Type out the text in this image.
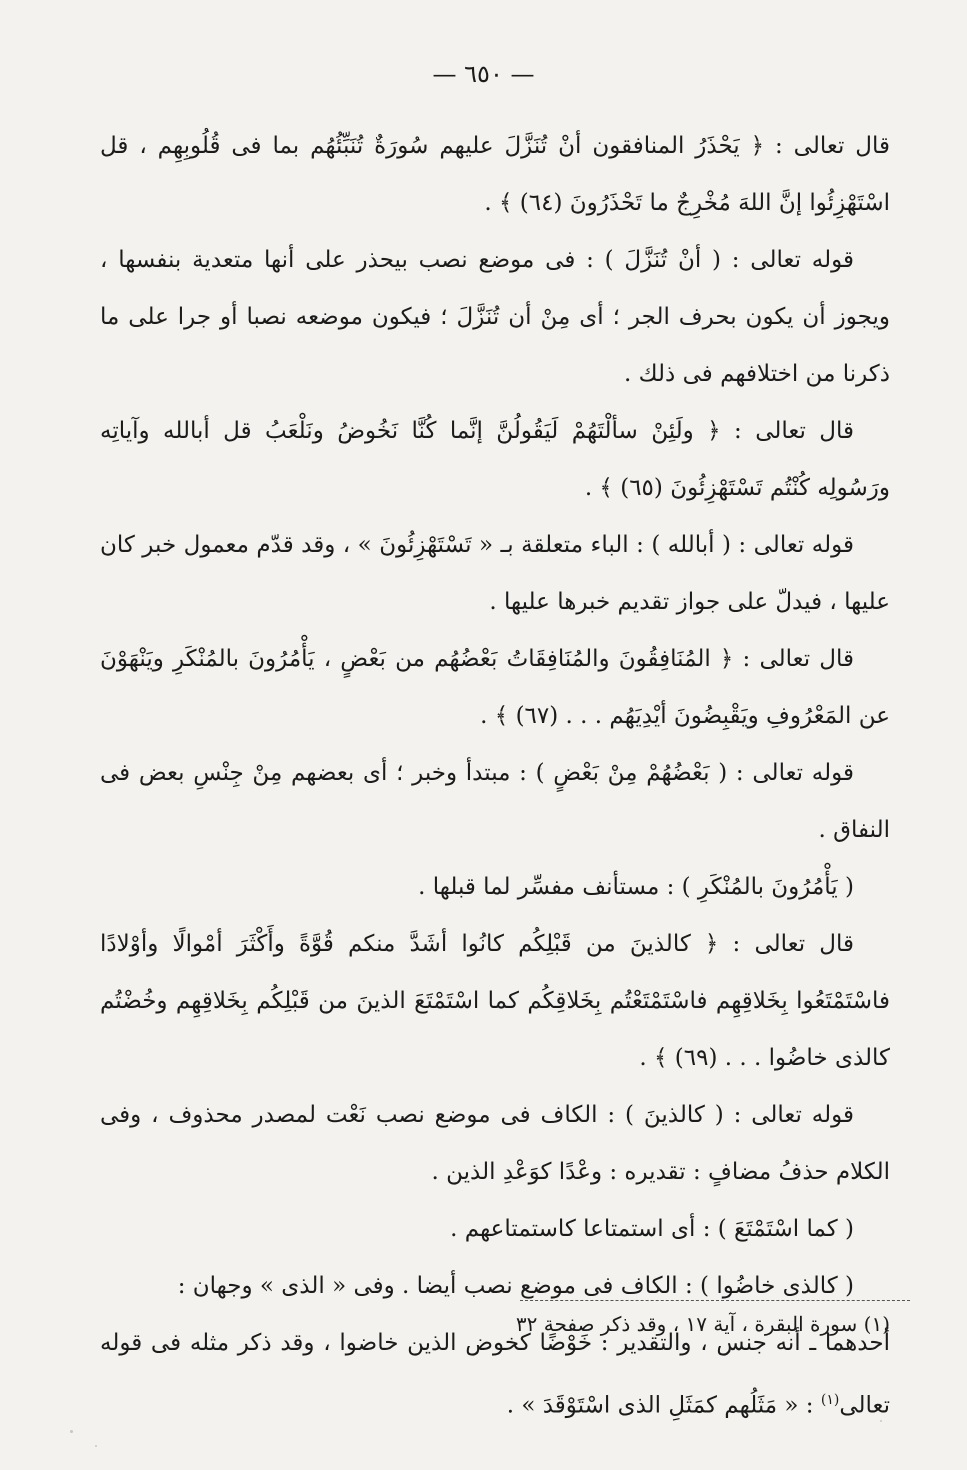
— ٦٥٠ —

قال تعالى : ﴿ يَحْذَرُ المنافقون أنْ تُنَزَّلَ عليهم سُورَةٌ تُنَبِّئُهُم بما فى قُلُوبِهِم ، قل اسْتَهْزِئُوا إنَّ اللهَ مُخْرِجٌ ما تَحْذَرُونَ (٦٤) ﴾ .

قوله تعالى : ( أنْ تُنَزَّلَ ) : فى موضع نصب بيحذر على أنها متعدية بنفسها ، ويجوز أن يكون بحرف الجر ؛ أى مِنْ أن تُنَزَّلَ ؛ فيكون موضعه نصبا أو جرا على ما ذكرنا من اختلافهم فى ذلك .

قال تعالى : ﴿ ولَئِنْ سألْتَهُمْ لَيَقُولُنَّ إنَّما كُنَّا نَخُوضُ ونَلْعَبُ قل أبالله وآياتِه ورَسُولِه كُنْتُم تَسْتَهْزِئُونَ (٦٥) ﴾ .

قوله تعالى : ( أبالله ) : الباء متعلقة بـ « تَسْتَهْزِئُونَ » ، وقد قدّم معمول خبر كان عليها ، فيدلّ على جواز تقديم خبرها عليها .

قال تعالى : ﴿ المُنَافِقُونَ والمُنَافِقَاتُ بَعْضُهُم من بَعْضٍ ، يَأْمُرُونَ بالمُنْكَرِ ويَنْهَوْنَ عن المَعْرُوفِ ويَقْبِضُونَ أيْدِيَهُم . . . (٦٧) ﴾ .

قوله تعالى : ( بَعْضُهُمْ مِنْ بَعْضٍ ) : مبتدأ وخبر ؛ أى بعضهم مِنْ جِنْسِ بعض فى النفاق .

( يَأْمُرُونَ بالمُنْكَرِ ) : مستأنف مفسِّر لما قبلها .

قال تعالى : ﴿ كالذينَ من قَبْلِكُم كانُوا أشَدَّ منكم قُوَّةً وأَكْثَرَ أمْوالًا وأوْلادًا فاسْتَمْتَعُوا بِخَلاقِهِم فاسْتَمْتَعْتُم بِخَلاقِكُم كما اسْتَمْتَعَ الذينَ من قَبْلِكُم بِخَلاقِهِم وخُضْتُم كالذى خاضُوا . . . (٦٩) ﴾ .

قوله تعالى : ( كالذينَ ) : الكاف فى موضع نصب نَعْت لمصدر محذوف ، وفى الكلام حذفُ مضافٍ : تقديره : وعْدًا كوَعْدِ الذين .

( كما اسْتَمْتَعَ ) : أى استمتاعا كاستمتاعهم .

( كالذى خاضُوا ) : الكاف فى موضع نصب أيضا . وفى « الذى » وجهان :

أحدهما ـ أنه جنس ، والتقدير : خَوْضًا كخوض الذين خاضوا ، وقد ذكر مثله فى قوله تعالى$^{(١)}$ : « مَثَلُهم كمَثَلِ الذى اسْتَوْقَدَ » .

(١) سورة البقرة ، آية ١٧ ، وقد ذكر صفحة ٣٢
